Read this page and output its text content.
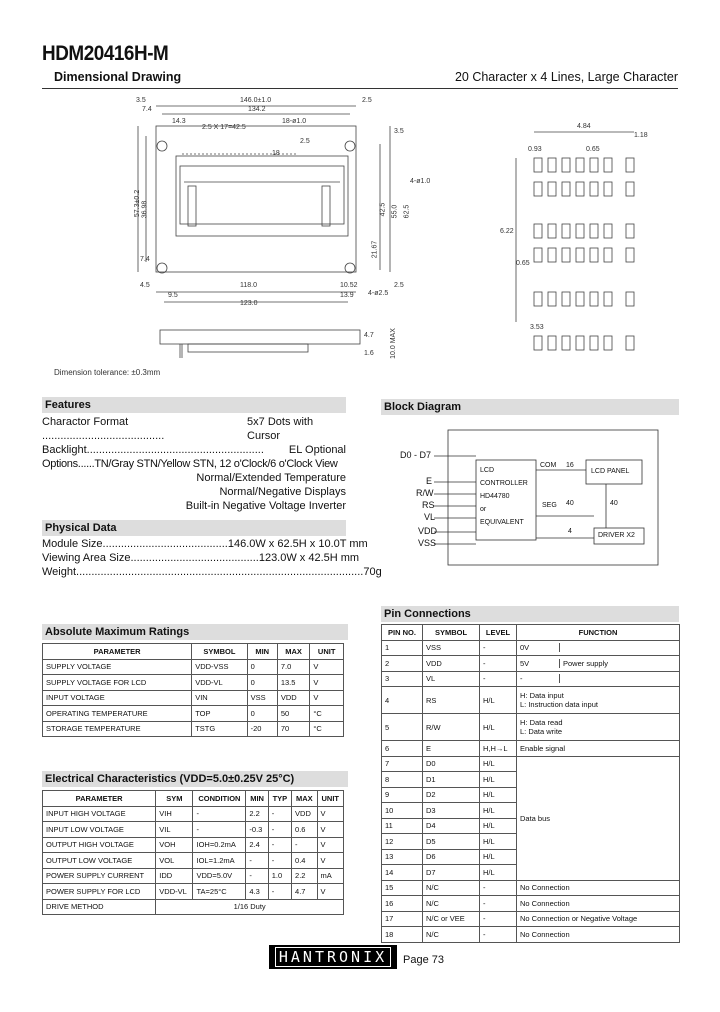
HDM20416H-M
Dimensional Drawing	20 Character x 4 Lines, Large Character
3.5
7.4
146.0±1.0
134.2
2.5
14.3
2.5 X 17=42.5
18-ø1.0
2.5
3.5
18
57.3±0.2 36.98	62.5
55.0
42.5
21.67
4-ø1.0
7.4
4.5	2.5
118.0
123.0
9.5	13.9
10.52
4-ø2.5
4.7
1.6 10.0 MAX
Dimension tolerance: ±0.3mm
4.84
0.93	0.65
1.18
6.22
3.53
0.65
Features
Charactor Format ........................................
5x7 Dots with Cursor
Backlight.......................................................... EL Optional
Options......TN/Gray STN/Yellow STN, 12 o'Clock/6 o'Clock View
Normal/Extended Temperature
Normal/Negative Displays
Built-in Negative Voltage Inverter
Physical Data
Module Size......................................... 146.0W x 62.5H x 10.0T mm
Viewing Area Size.......................................... 123.0W x 42.5H mm
Weight.............................................................................................. 70g
Block Diagram
D0 - D7
E
R/W
RS
VL
VDD
VSS
LCD
CONTROLLER
HD44780
or
EQUIVALENT
COM 16
LCD PANEL
SEG 40	40
DRIVER X2
4
Absolute Maximum Ratings
PARAMETER	SYMBOL	MIN	MAX	UNIT
SUPPLY VOLTAGE	VDD-VSS	0	7.0	V
SUPPLY VOLTAGE FOR LCD	VDD-VL	0	13.5	V
INPUT VOLTAGE	VIN	VSS	VDD	V
OPERATING TEMPERATURE	TOP	0	50	°C
STORAGE TEMPERATURE	TSTG	-20	70	°C
Electrical Characteristics (VDD=5.0±0.25V 25°C)
PARAMETER	SYM	CONDITION	MIN	TYP	MAX	UNIT
INPUT HIGH VOLTAGE	VIH	-	2.2	-	VDD	V
INPUT LOW VOLTAGE	VIL	-	-0.3	-	0.6	V
OUTPUT HIGH VOLTAGE	VOH	IOH=0.2mA	2.4	-	-	V
OUTPUT LOW VOLTAGE	VOL	IOL=1.2mA	-	-	0.4	V
POWER SUPPLY CURRENT	IDD	VDD=5.0V	-	1.0	2.2	mA
POWER SUPPLY FOR LCD	VDD-VL	TA=25°C	4.3	-	4.7	V
DRIVE METHOD	1/16 Duty					
Pin Connections
PIN NO.	SYMBOL	LEVEL	FUNCTION
1	VSS	-	0V

2	VDD	-	5V Power supply

3	VL	-	-

4	RS	H/L	H: Data input
L: Instruction data input
5	R/W	H/L	H: Data read
L: Data write
6	E	H,H→L	Enable signal
7	D0	H/L	Data bus
8	D1	H/L	
9	D2	H/L	
10	D3	H/L	
11	D4	H/L	
12	D5	H/L	
13	D6	H/L	
14	D7	H/L	
15	N/C	-	No Connection
16	N/C	-	No Connection
17	N/C or VEE	-	No Connection or Negative Voltage
18	N/C	-	No Connection
HANTRONIX	Page 73
